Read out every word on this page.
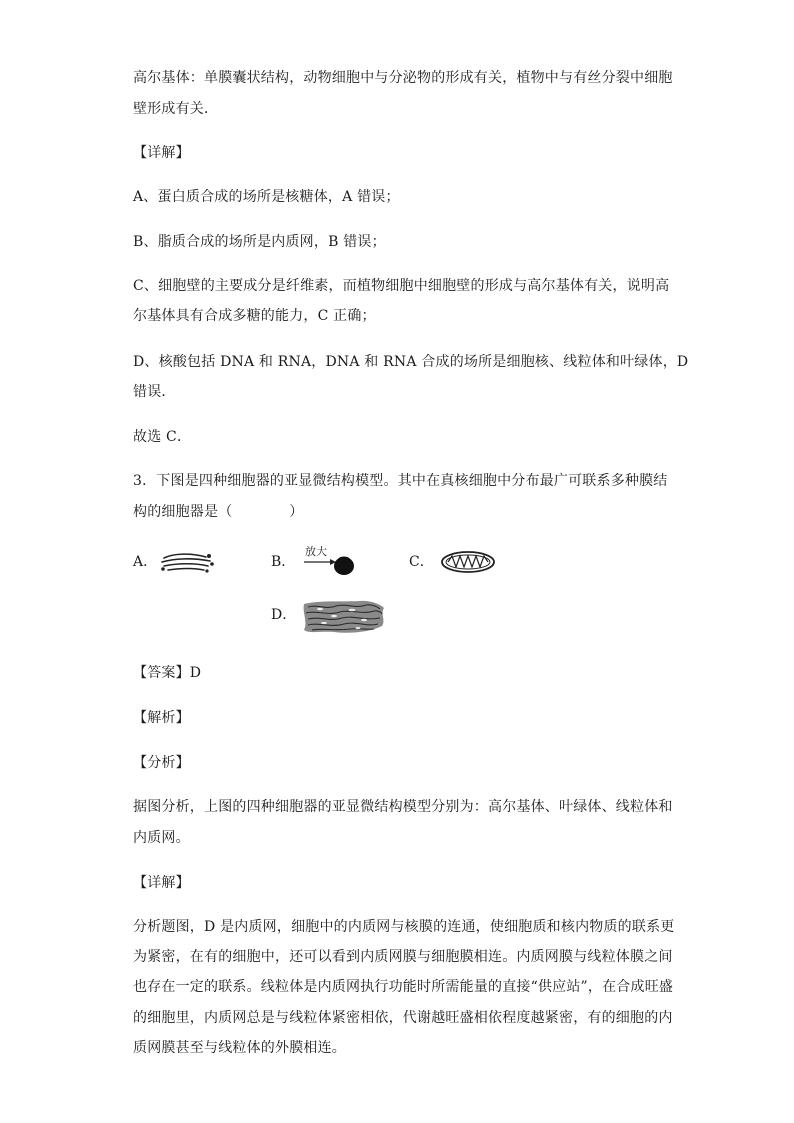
高尔基体：单膜囊状结构，动物细胞中与分泌物的形成有关，植物中与有丝分裂中细胞
壁形成有关．
【详解】
A、蛋白质合成的场所是核糖体，A 错误；
B、脂质合成的场所是内质网，B 错误；
C、细胞壁的主要成分是纤维素，而植物细胞中细胞壁的形成与高尔基体有关，说明高
尔基体具有合成多糖的能力，C 正确；
D、核酸包括 DNA 和 RNA，DNA 和 RNA 合成的场所是细胞核、线粒体和叶绿体，D
错误．
故选 C．
3．下图是四种细胞器的亚显微结构模型。其中在真核细胞中分布最广可联系多种膜结
构的细胞器是（　　　　）
A．	B．
放大
C．
D．
【答案】D
【解析】
【分析】
据图分析，上图的四种细胞器的亚显微结构模型分别为：高尔基体、叶绿体、线粒体和
内质网。
【详解】
分析题图，D 是内质网，细胞中的内质网与核膜的连通，使细胞质和核内物质的联系更
为紧密，在有的细胞中，还可以看到内质网膜与细胞膜相连。内质网膜与线粒体膜之间
也存在一定的联系。线粒体是内质网执行功能时所需能量的直接“供应站”，在合成旺盛
的细胞里，内质网总是与线粒体紧密相依，代谢越旺盛相依程度越紧密，有的细胞的内
质网膜甚至与线粒体的外膜相连。
